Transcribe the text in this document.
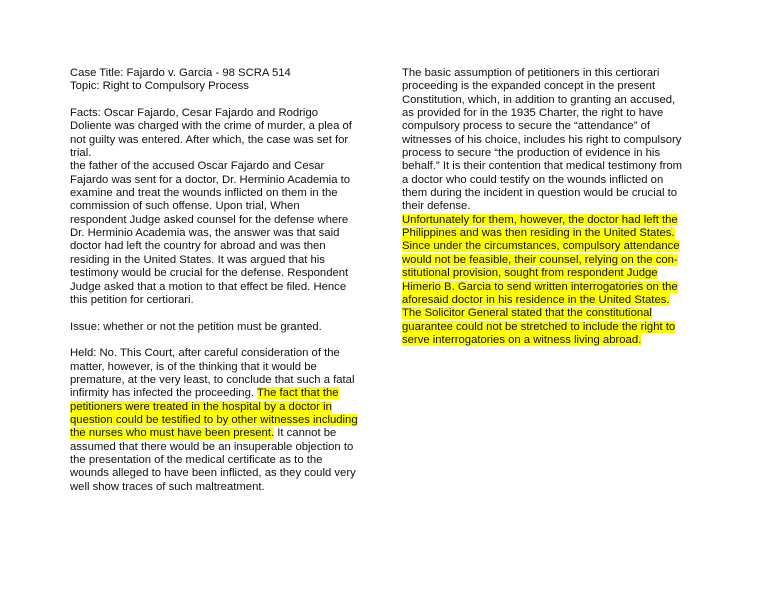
Case Title: Fajardo v. Garcia - 98 SCRA 514
Topic: Right to Compulsory Process
Facts: Oscar Fajardo, Cesar Fajardo and Rodrigo
Doliente was charged with the crime of murder, a plea of
not guilty was entered. After which, the case was set for
trial.
the father of the accused Oscar Fajardo and Cesar
Fajardo was sent for a doctor, Dr. Herminio Academia to
examine and treat the wounds inflicted on them in the
commission of such offense. Upon trial, When
respondent Judge asked counsel for the defense where
Dr. Herminio Academia was, the answer was that said
doctor had left the country for abroad and was then
residing in the United States. It was argued that his
testimony would be crucial for the defense. Respondent
Judge asked that a motion to that effect be filed. Hence
this petition for certiorari.
Issue: whether or not the petition must be granted.
Held: No. This Court, after careful consideration of the
matter, however, is of the thinking that it would be
premature, at the very least, to conclude that such a fatal
infirmity has infected the proceeding. The fact that the
petitioners were treated in the hospital by a doctor in
question could be testified to by other witnesses including
the nurses who must have been present. It cannot be
assumed that there would be an insuperable objection to
the presentation of the medical certificate as to the
wounds alleged to have been inflicted, as they could very
well show traces of such maltreatment.
The basic assumption of petitioners in this certiorari
proceeding is the expanded concept in the present
Constitution, which, in addition to granting an accused,
as provided for in the 1935 Charter, the right to have
compulsory process to secure the “attendance” of
witnesses of his choice, includes his right to compulsory
process to secure “the production of evidence in his
behalf.” It is their contention that medical testimony from
a doctor who could testify on the wounds inflicted on
them during the incident in question would be crucial to
their defense.
Unfortunately for them, however, the doctor had left the
Philippines and was then residing in the United States.
Since under the circumstances, compulsory attendance
would not be feasible, their counsel, relying on the con-
stitutional provision, sought from respondent Judge
Himerio B. Garcia to send written interrogatories on the
aforesaid doctor in his residence in the United States.
The Solicitor General stated that the constitutional
guarantee could not be stretched to include the right to
serve interrogatories on a witness living abroad.
